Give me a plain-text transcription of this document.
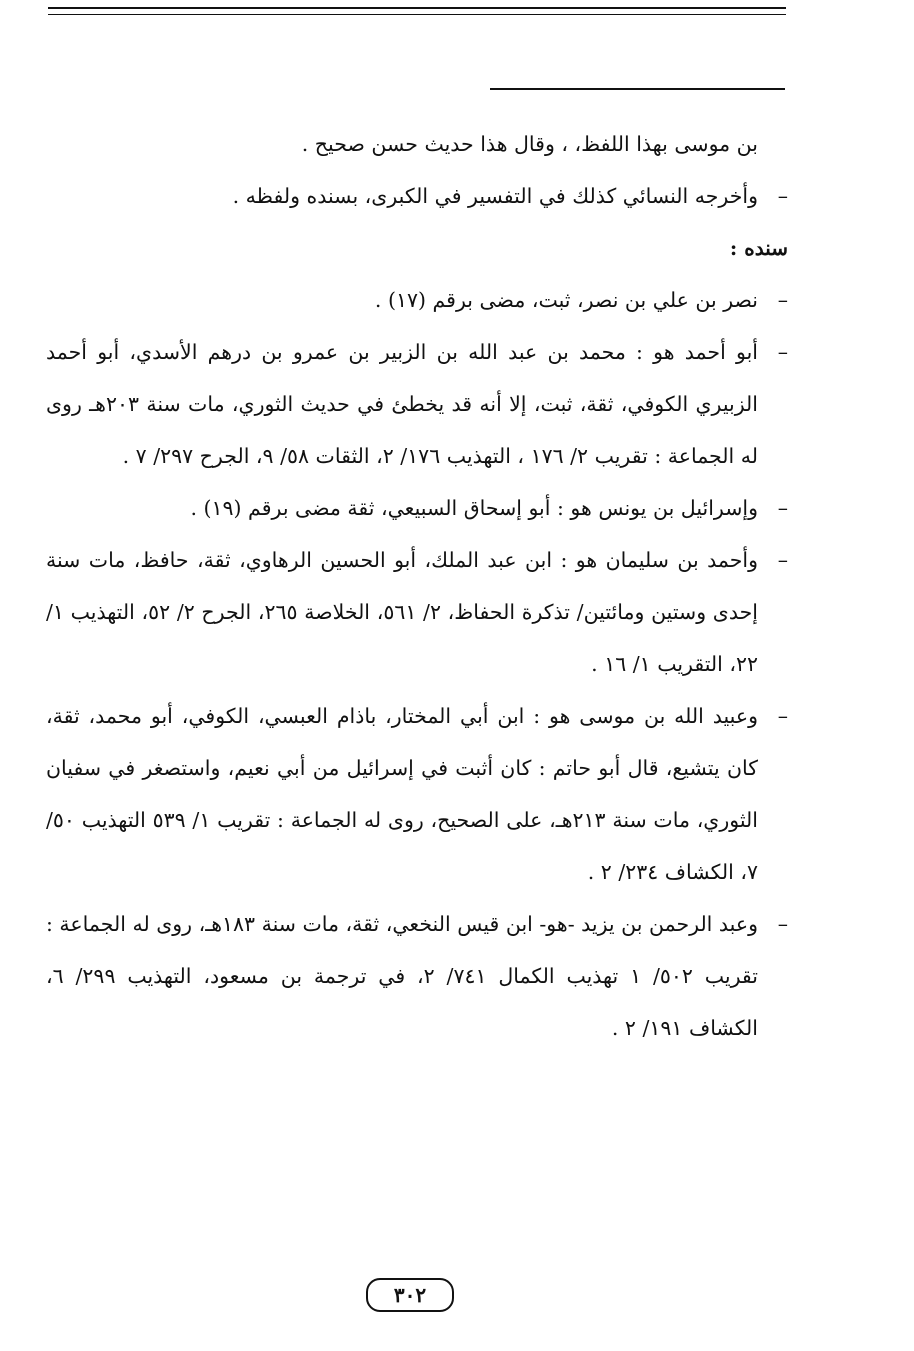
بن موسى بهذا اللفظ، ، وقال هذا حديث حسن صحيح .

–
وأخرجه النسائي كذلك في التفسير في الكبرى، بسنده ولفظه .

سنده :

–
نصر بن علي بن نصر، ثبت، مضى برقم (١٧) .

–
أبو أحمد هو : محمد بن عبد الله بن الزبير بن عمرو بن درهم الأسدي، أبو أحمد الزبيري الكوفي، ثقة، ثبت، إلا أنه قد يخطئ في حديث الثوري، مات سنة ٢٠٣هـ روى له الجماعة : تقريب ٢/ ١٧٦ ، التهذيب ١٧٦/ ٢، الثقات ٥٨/ ٩، الجرح ٢٩٧/ ٧ .

–
وإسرائيل بن يونس هو : أبو إسحاق السبيعي، ثقة مضى برقم (١٩) .

–
وأحمد بن سليمان هو : ابن عبد الملك، أبو الحسين الرهاوي، ثقة، حافظ، مات سنة إحدى وستين ومائتين/ تذكرة الحفاظ، ٢/ ٥٦١، الخلاصة ٢٦٥، الجرح ٢/ ٥٢، التهذيب ١/ ٢٢، التقريب ١/ ١٦ .

–
وعبيد الله بن موسى هو : ابن أبي المختار، باذام العبسي، الكوفي، أبو محمد، ثقة، كان يتشيع، قال أبو حاتم : كان أثبت في إسرائيل من أبي نعيم، واستصغر في سفيان الثوري، مات سنة ٢١٣هـ، على الصحيح، روى له الجماعة : تقريب ١/ ٥٣٩ التهذيب ٥٠/ ٧، الكشاف ٢٣٤/ ٢ .

–
وعبد الرحمن بن يزيد -هو- ابن قيس النخعي، ثقة، مات سنة ١٨٣هـ، روى له الجماعة : تقريب ٥٠٢/ ١ تهذيب الكمال ٧٤١/ ٢، في ترجمة بن مسعود، التهذيب ٢٩٩/ ٦، الكشاف ١٩١/ ٢ .

٣٠٢
